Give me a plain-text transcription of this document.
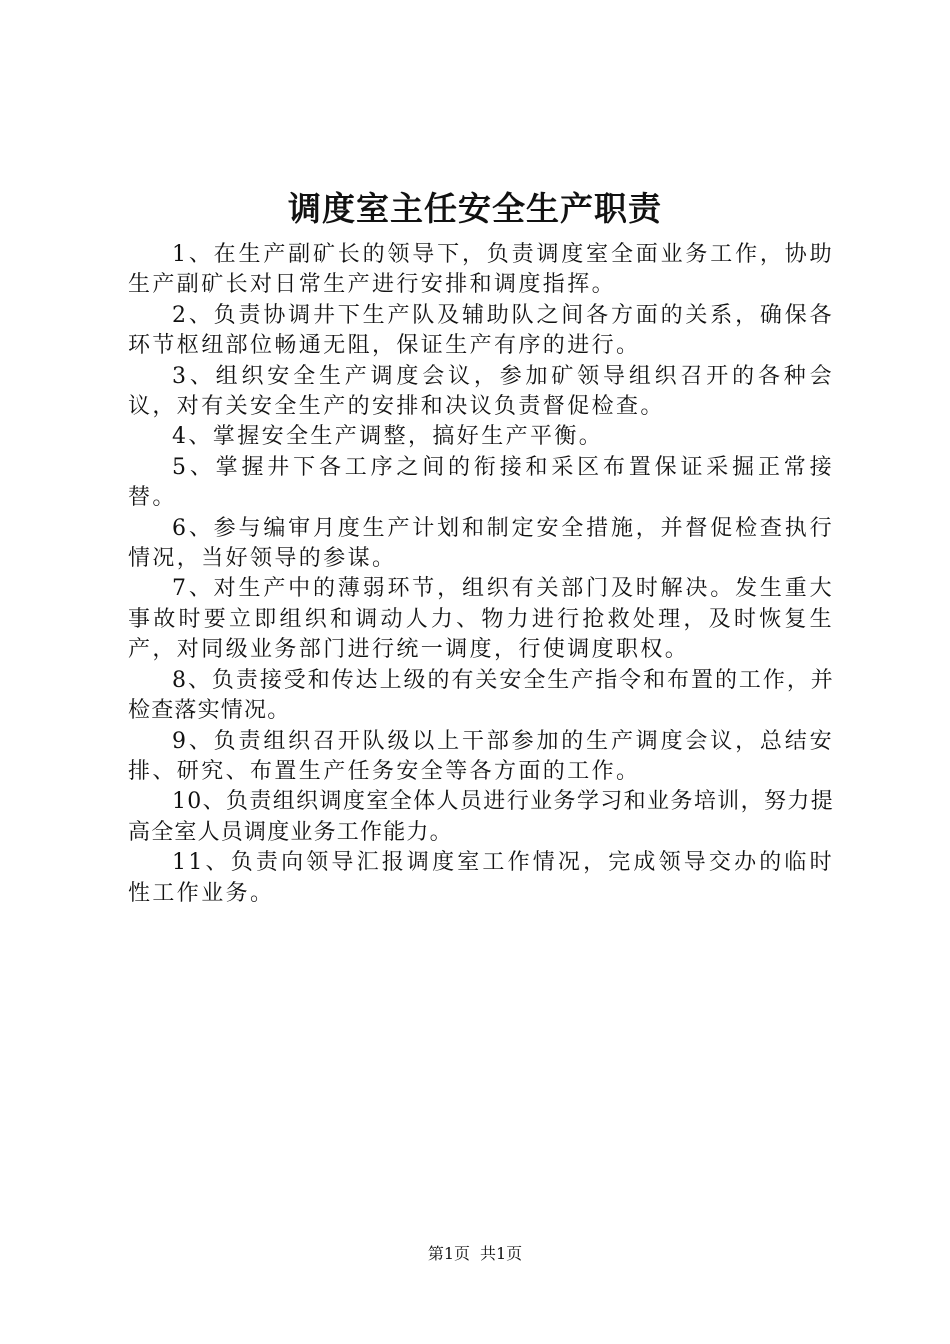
调度室主任安全生产职责

1、在生产副矿长的领导下，负责调度室全面业务工作，协助生产副矿长对日常生产进行安排和调度指挥。

2、负责协调井下生产队及辅助队之间各方面的关系，确保各环节枢纽部位畅通无阻，保证生产有序的进行。

3、组织安全生产调度会议，参加矿领导组织召开的各种会议，对有关安全生产的安排和决议负责督促检查。

4、掌握安全生产调整，搞好生产平衡。

5、掌握井下各工序之间的衔接和采区布置保证采掘正常接替。

6、参与编审月度生产计划和制定安全措施，并督促检查执行情况，当好领导的参谋。

7、对生产中的薄弱环节，组织有关部门及时解决。发生重大事故时要立即组织和调动人力、物力进行抢救处理，及时恢复生产，对同级业务部门进行统一调度，行使调度职权。

8、负责接受和传达上级的有关安全生产指令和布置的工作，并检查落实情况。

9、负责组织召开队级以上干部参加的生产调度会议，总结安排、研究、布置生产任务安全等各方面的工作。

10、负责组织调度室全体人员进行业务学习和业务培训，努力提高全室人员调度业务工作能力。

11、负责向领导汇报调度室工作情况，完成领导交办的临时性工作业务。

第1页 共1页
